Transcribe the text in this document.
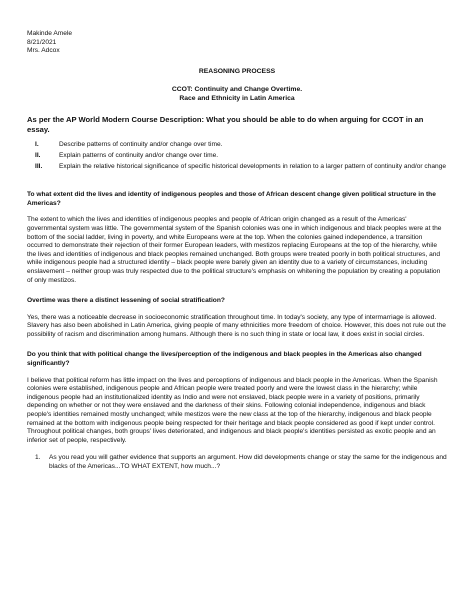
Makinde Amele
8/21/2021
Mrs. Adcox
REASONING PROCESS
CCOT: Continuity and Change Overtime.
Race and Ethnicity in Latin America
As per the AP World Modern Course Description: What you should be able to do when arguing for CCOT in an essay.
I.	Describe patterns of continuity and/or change over time.
II.	Explain patterns of continuity and/or change over time.
III.	Explain the relative historical significance of specific historical developments in relation to a larger pattern of continuity and/or change
To what extent did the lives and identity of indigenous peoples and those of African descent change given political structure in the Americas?
The extent to which the lives and identities of indigenous peoples and people of African origin changed as a result of the Americas' governmental system was little. The governmental system of the Spanish colonies was one in which indigenous and black peoples were at the bottom of the social ladder, living in poverty, and white Europeans were at the top. When the colonies gained independence, a transition occurred to demonstrate their rejection of their former European leaders, with mestizos replacing Europeans at the top of the hierarchy, while the lives and identities of indigenous and black peoples remained unchanged. Both groups were treated poorly in both political structures, and while indigenous people had a structured identity – black people were barely given an identity due to a variety of circumstances, including enslavement – neither group was truly respected due to the political structure's emphasis on whitening the population by creating a population of only mestizos.
Overtime was there a distinct lessening of social stratification?
Yes, there was a noticeable decrease in socioeconomic stratification throughout time. In today's society, any type of intermarriage is allowed. Slavery has also been abolished in Latin America, giving people of many ethnicities more freedom of choice. However, this does not rule out the possibility of racism and discrimination among humans. Although there is no such thing in state or local law, it does exist in social circles.
Do you think that with political change the lives/perception of the indigenous and black peoples in the Americas also changed significantly?
I believe that political reform has little impact on the lives and perceptions of indigenous and black people in the Americas. When the Spanish colonies were established, indigenous people and African people were treated poorly and were the lowest class in the hierarchy; while indigenous people had an institutionalized identity as Indio and were not enslaved, black people were in a variety of positions, primarily depending on whether or not they were enslaved and the darkness of their skins. Following colonial independence, indigenous and black people's identities remained mostly unchanged; while mestizos were the new class at the top of the hierarchy, indigenous and black people remained at the bottom with indigenous people being respected for their heritage and black people considered as good if kept under control. Throughout political changes, both groups' lives deteriorated, and indigenous and black people's identities persisted as exotic people and an inferior set of people, respectively.
1.	As you read you will gather evidence that supports an argument. How did developments change or stay the same for the indigenous and blacks of the Americas...TO WHAT EXTENT, how much...?
